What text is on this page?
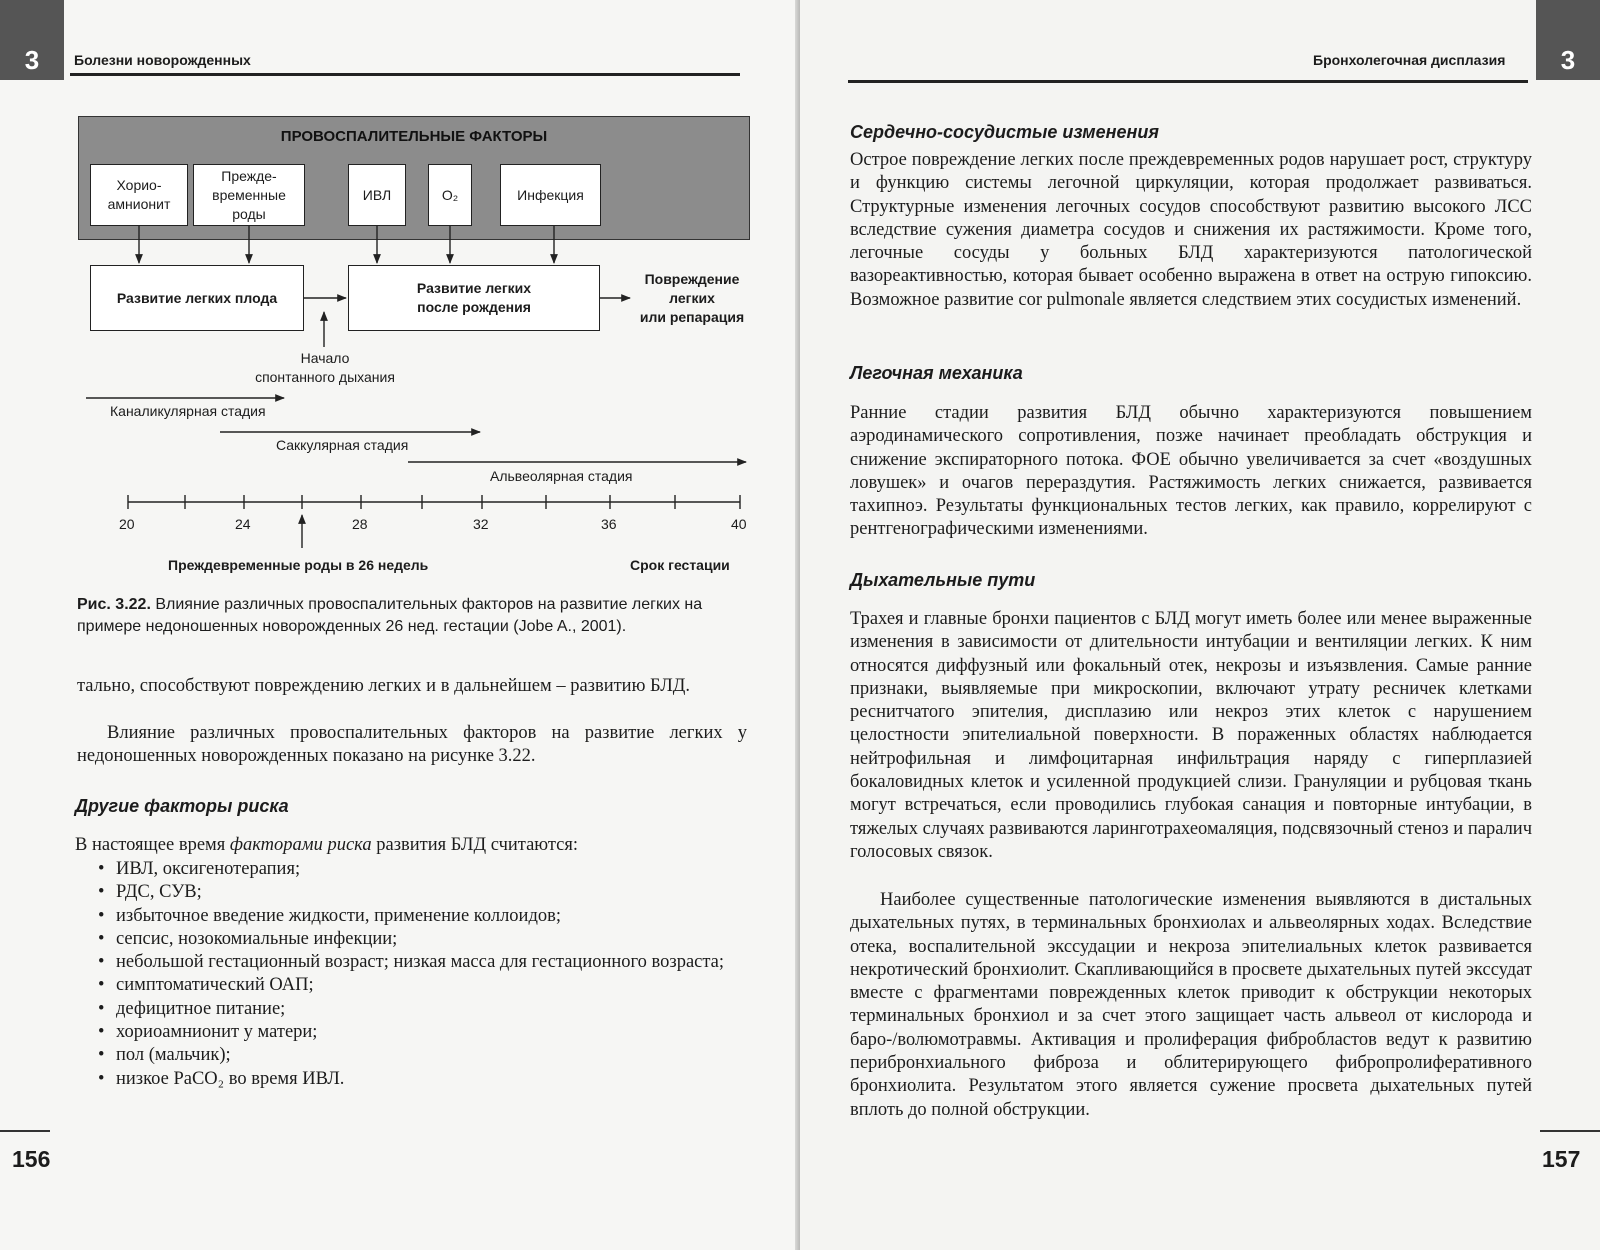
3	Болезни новорожденных
ПРОВОСПАЛИТЕЛЬНЫЕ ФАКТОРЫ
Хорио-
амнионит
Прежде-
временные
роды
ИВЛ	O₂	Инфекция
Развитие легких плода
Развитие легких
после рождения
Повреждение
легких
или репарация
Начало
спонтанного дыхания
Каналикулярная стадия
Саккулярная стадия
Альвеолярная стадия
20	24	28	32	36	40
Преждевременные роды в 26 недель	Срок гестации
Рис. 3.22. Влияние различных провоспалительных факторов на развитие легких на примере недоношенных новорожденных 26 нед. гестации (Jobe A., 2001).

тально, способствуют повреждению легких и в дальнейшем – развитию БЛД.

Влияние различных провоспалительных факторов на развитие легких у недоношенных новорожденных показано на рисунке 3.22.

Другие факторы риска

В настоящее время факторами риска развития БЛД считаются:

• ИВЛ, оксигенотерапия;
• РДС, СУВ;
• избыточное введение жидкости, применение коллоидов;
• сепсис, нозокомиальные инфекции;
• небольшой гестационный возраст; низкая масса для гестационного возраста;
• симптоматический ОАП;
• дефицитное питание;
• хориоамнионит у матери;
• пол (мальчик);
• низкое PaCO₂ во время ИВЛ.
156
Бронхолегочная дисплазия	3
Сердечно-сосудистые изменения

Острое повреждение легких после преждевременных родов нарушает рост, структуру и функцию системы легочной циркуляции, которая продолжает развиваться. Структурные изменения легочных сосудов способствуют развитию высокого ЛСС вследствие сужения диаметра сосудов и снижения их растяжимости. Кроме того, легочные сосуды у больных БЛД характеризуются патологической вазореактивностью, которая бывает особенно выражена в ответ на острую гипоксию. Возможное развитие cor pulmonale является следствием этих сосудистых изменений.

Легочная механика

Ранние стадии развития БЛД обычно характеризуются повышением аэродинамического сопротивления, позже начинает преобладать обструкция и снижение экспираторного потока. ФОЕ обычно увеличивается за счет «воздушных ловушек» и очагов перераздутия. Растяжимость легких снижается, развивается тахипноэ. Результаты функциональных тестов легких, как правило, коррелируют с рентгенографическими изменениями.

Дыхательные пути

Трахея и главные бронхи пациентов с БЛД могут иметь более или менее выраженные изменения в зависимости от длительности интубации и вентиляции легких. К ним относятся диффузный или фокальный отек, некрозы и изъязвления. Самые ранние признаки, выявляемые при микроскопии, включают утрату ресничек клетками реснитчатого эпителия, дисплазию или некроз этих клеток с нарушением целостности эпителиальной поверхности. В пораженных областях наблюдается нейтрофильная и лимфоцитарная инфильтрация наряду с гиперплазией бокаловидных клеток и усиленной продукцией слизи. Грануляции и рубцовая ткань могут встречаться, если проводились глубокая санация и повторные интубации, в тяжелых случаях развиваются ларинготрахеомаляция, подсвязочный стеноз и паралич голосовых связок.

Наиболее существенные патологические изменения выявляются в дистальных дыхательных путях, в терминальных бронхиолах и альвеолярных ходах. Вследствие отека, воспалительной экссудации и некроза эпителиальных клеток развивается некротический бронхиолит. Скапливающийся в просвете дыхательных путей экссудат вместе с фрагментами поврежденных клеток приводит к обструкции некоторых терминальных бронхиол и за счет этого защищает часть альвеол от кислорода и баро-/волюмотравмы. Активация и пролиферация фибробластов ведут к развитию перибронхиального фиброза и облитерирующего фибропролиферативного бронхиолита. Результатом этого является сужение просвета дыхательных путей вплоть до полной обструкции.

157
